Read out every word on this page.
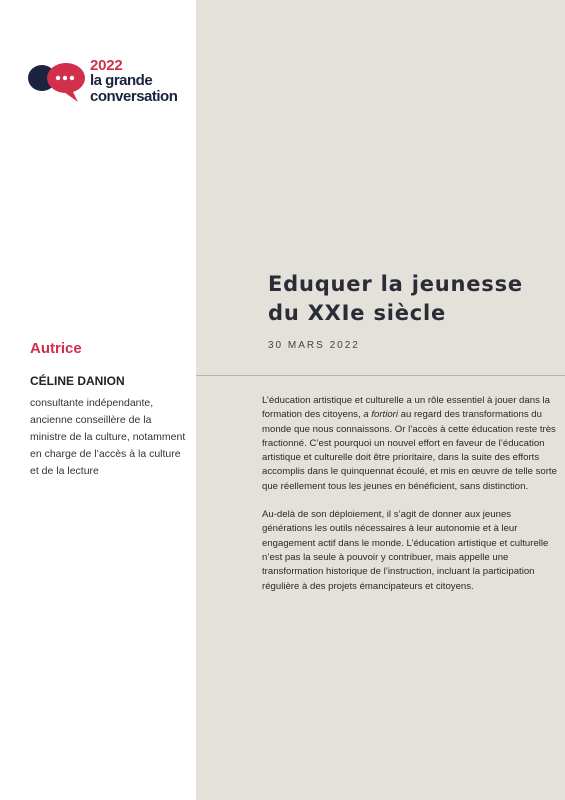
2022
la grande
conversation
Autrice
CÉLINE DANION
consultante indépendante, ancienne conseillère de la ministre de la culture, notamment en charge de l’accès à la culture et de la lecture
Eduquer la jeunesse
du XXIe siècle
30 MARS 2022

L’éducation artistique et culturelle a un rôle essentiel à jouer dans la formation des citoyens, a fortiori au regard des transformations du monde que nous connaissons. Or l’accès à cette éducation reste très fractionné. C’est pourquoi un nouvel effort en faveur de l’éducation artistique et culturelle doit être prioritaire, dans la suite des efforts accomplis dans le quinquennat écoulé, et mis en œuvre de telle sorte que réellement tous les jeunes en bénéficient, sans distinction.

Au-delà de son déploiement, il s’agit de donner aux jeunes générations les outils nécessaires à leur autonomie et à leur engagement actif dans le monde. L’éducation artistique et culturelle n’est pas la seule à pouvoir y contribuer, mais appelle une transformation historique de l’instruction, incluant la participation régulière à des projets émancipateurs et citoyens.
